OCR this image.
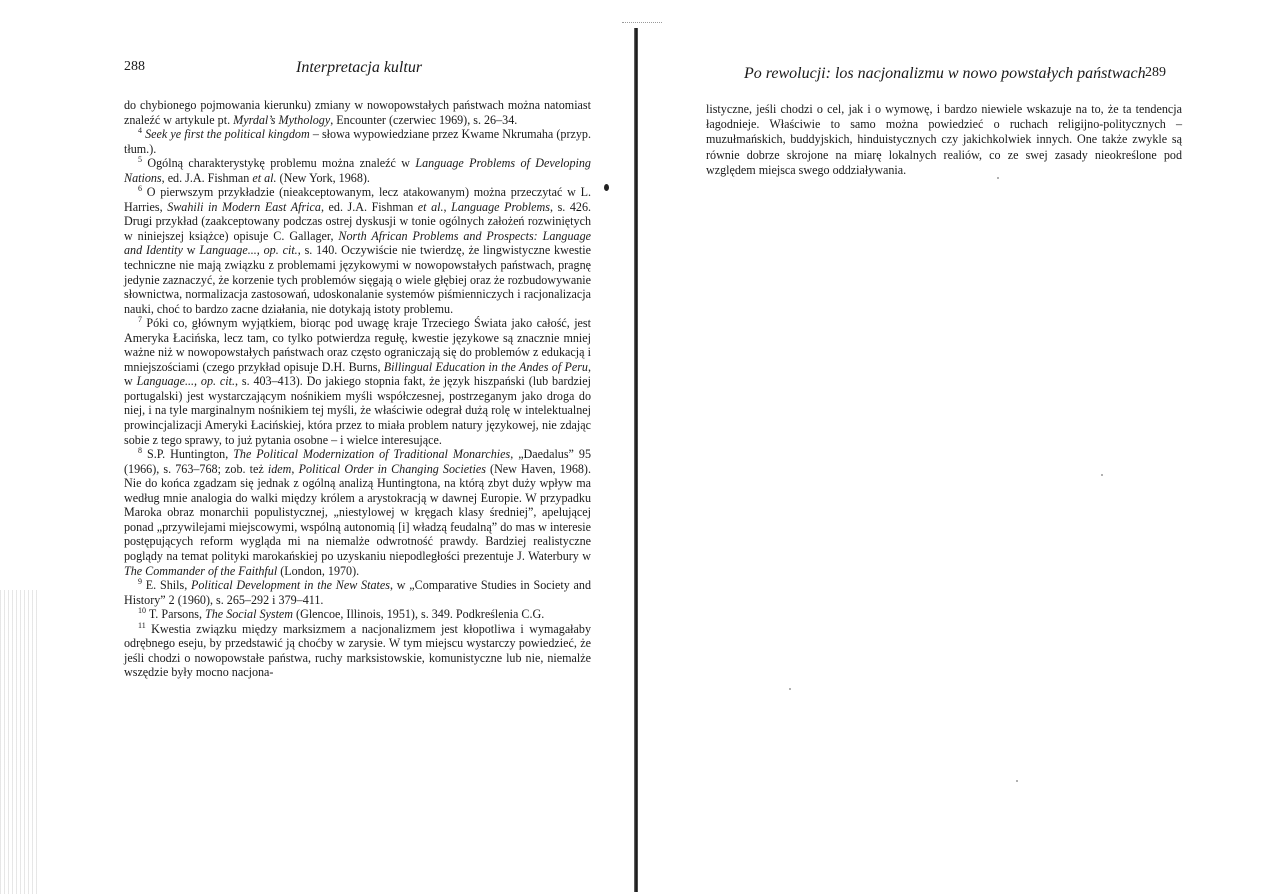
288	Interpretacja kultur

do chybionego pojmowania kierunku) zmiany w nowopowstałych państwach można natomiast znaleźć w artykule pt. Myrdal’s Mythology, Encounter (czerwiec 1969), s. 26–34.

$^4$ Seek ye first the political kingdom – słowa wypowiedziane przez Kwame Nkrumaha (przyp. tłum.).

$^5$ Ogólną charakterystykę problemu można znaleźć w Language Problems of Developing Nations, ed. J.A. Fishman et al. (New York, 1968).

$^6$ O pierwszym przykładzie (nieakceptowanym, lecz atakowanym) można przeczytać w L. Harries, Swahili in Modern East Africa, ed. J.A. Fishman et al., Language Problems, s. 426. Drugi przykład (zaakceptowany podczas ostrej dyskusji w tonie ogólnych założeń rozwiniętych w niniejszej książce) opisuje C. Gallager, North African Problems and Prospects: Language and Identity w Language..., op. cit., s. 140. Oczywiście nie twierdzę, że lingwistyczne kwestie techniczne nie mają związku z problemami językowymi w nowopowstałych państwach, pragnę jedynie zaznaczyć, że korzenie tych problemów sięgają o wiele głębiej oraz że rozbudowywanie słownictwa, normalizacja zastosowań, udoskonalanie systemów piśmienniczych i racjonalizacja nauki, choć to bardzo zacne działania, nie dotykają istoty problemu.

$^7$ Póki co, głównym wyjątkiem, biorąc pod uwagę kraje Trzeciego Świata jako całość, jest Ameryka Łacińska, lecz tam, co tylko potwierdza regułę, kwestie językowe są znacznie mniej ważne niż w nowopowstałych państwach oraz często ograniczają się do problemów z edukacją i mniejszościami (czego przykład opisuje D.H. Burns, Billingual Education in the Andes of Peru, w Language..., op. cit., s. 403–413). Do jakiego stopnia fakt, że język hiszpański (lub bardziej portugalski) jest wystarczającym nośnikiem myśli współczesnej, postrzeganym jako droga do niej, i na tyle marginalnym nośnikiem tej myśli, że właściwie odegrał dużą rolę w intelektualnej prowincjalizacji Ameryki Łacińskiej, która przez to miała problem natury językowej, nie zdając sobie z tego sprawy, to już pytania osobne – i wielce interesujące.

$^8$ S.P. Huntington, The Political Modernization of Traditional Monarchies, „Daedalus” 95 (1966), s. 763–768; zob. też idem, Political Order in Changing Societies (New Haven, 1968). Nie do końca zgadzam się jednak z ogólną analizą Huntingtona, na którą zbyt duży wpływ ma według mnie analogia do walki między królem a arystokracją w dawnej Europie. W przypadku Maroka obraz monarchii populistycznej, „niestylowej w kręgach klasy średniej”, apelującej ponad „przywilejami miejscowymi, wspólną autonomią [i] władzą feudalną” do mas w interesie postępujących reform wygląda mi na niemalże odwrotność prawdy. Bardziej realistyczne poglądy na temat polityki marokańskiej po uzyskaniu niepodległości prezentuje J. Waterbury w The Commander of the Faithful (London, 1970).

$^9$ E. Shils, Political Development in the New States, w „Comparative Studies in Society and History” 2 (1960), s. 265–292 i 379–411.

$^{10}$ T. Parsons, The Social System (Glencoe, Illinois, 1951), s. 349. Podkreślenia C.G.

$^{11}$ Kwestia związku między marksizmem a nacjonalizmem jest kłopotliwa i wymagałaby odrębnego eseju, by przedstawić ją choćby w zarysie. W tym miejscu wystarczy powiedzieć, że jeśli chodzi o nowopowstałe państwa, ruchy marksistowskie, komunistyczne lub nie, niemalże wszędzie były mocno nacjona-

Po rewolucji: los nacjonalizmu w nowo powstałych państwach 289

listyczne, jeśli chodzi o cel, jak i o wymowę, i bardzo niewiele wskazuje na to, że ta tendencja łagodnieje. Właściwie to samo można powiedzieć o ruchach religijno-politycznych – muzułmańskich, buddyjskich, hinduistycznych czy jakichkolwiek innych. One także zwykle są równie dobrze skrojone na miarę lokalnych realiów, co ze swej zasady nieokreślone pod względem miejsca swego oddziaływania.
